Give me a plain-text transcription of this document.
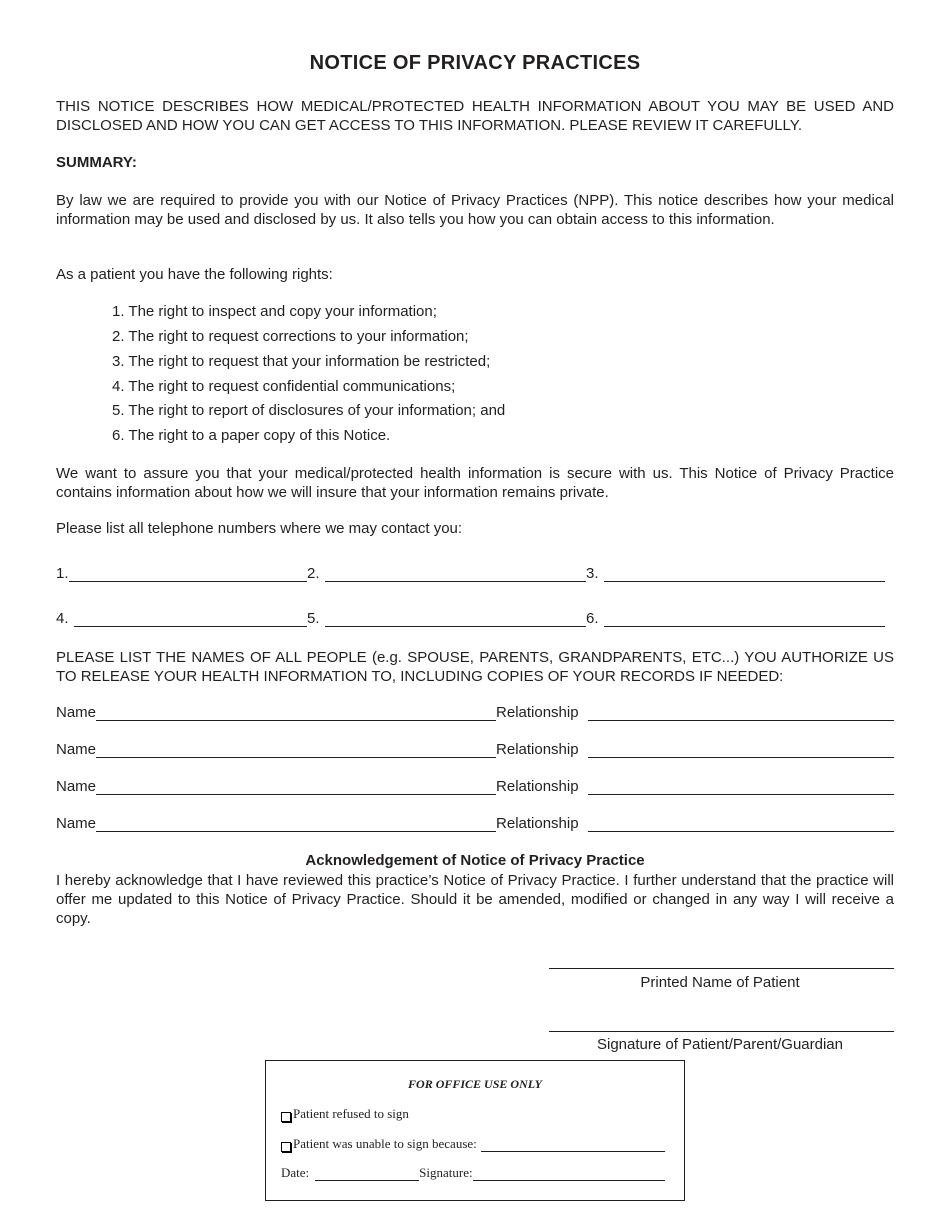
NOTICE OF PRIVACY PRACTICES
THIS NOTICE DESCRIBES HOW MEDICAL/PROTECTED HEALTH INFORMATION ABOUT YOU MAY BE USED AND DISCLOSED AND HOW YOU CAN GET ACCESS TO THIS INFORMATION. PLEASE REVIEW IT CAREFULLY.
SUMMARY:
By law we are required to provide you with our Notice of Privacy Practices (NPP). This notice describes how your medical information may be used and disclosed by us. It also tells you how you can obtain access to this information.
As a patient you have the following rights:
1. The right to inspect and copy your information;
2. The right to request corrections to your information;
3. The right to request that your information be restricted;
4. The right to request confidential communications;
5. The right to report of disclosures of your information; and
6. The right to a paper copy of this Notice.
We want to assure you that your medical/protected health information is secure with us. This Notice of Privacy Practice contains information about how we will insure that your information remains private.
Please list all telephone numbers where we may contact you:
1.	2.	3.
4.	5.	6.
PLEASE LIST THE NAMES OF ALL PEOPLE (e.g. SPOUSE, PARENTS, GRANDPARENTS, ETC...) YOU AUTHORIZE US TO RELEASE YOUR HEALTH INFORMATION TO, INCLUDING COPIES OF YOUR RECORDS IF NEEDED:
Name	Relationship
Name	Relationship
Name	Relationship
Name	Relationship
Acknowledgement of Notice of Privacy Practice
I hereby acknowledge that I have reviewed this practice’s Notice of Privacy Practice. I further understand that the practice will offer me updated to this Notice of Privacy Practice. Should it be amended, modified or changed in any way I will receive a copy.
Printed Name of Patient
Signature of Patient/Parent/Guardian
FOR OFFICE USE ONLY
Patient refused to sign
Patient was unable to sign because:
Date:	Signature:
